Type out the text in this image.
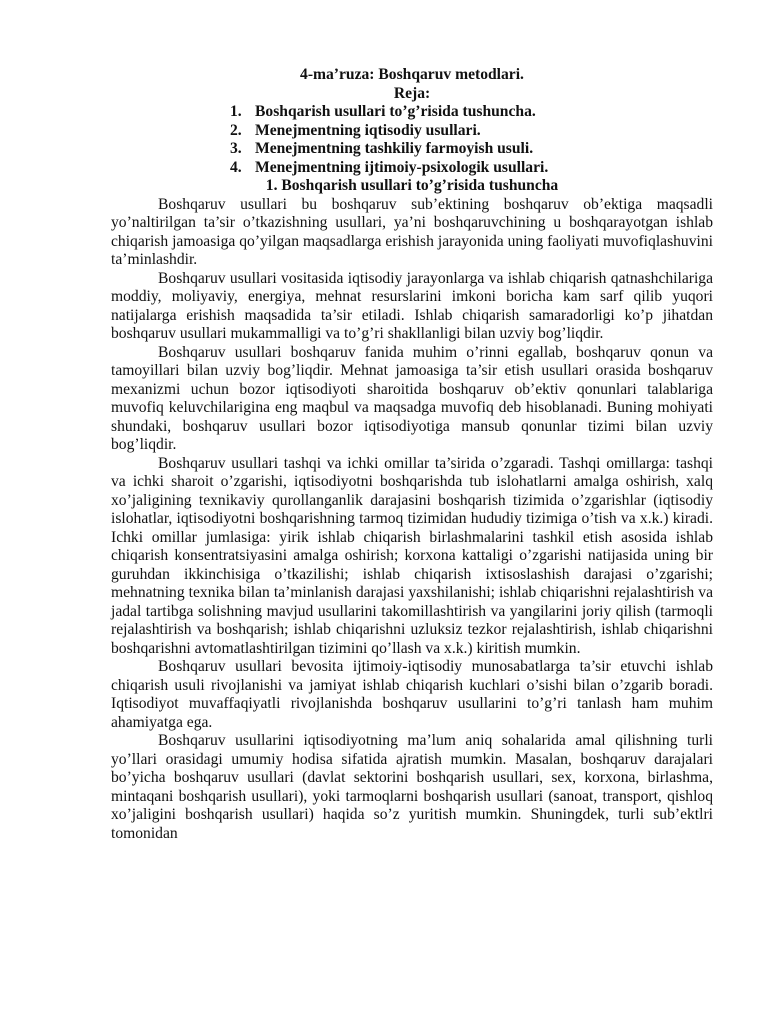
4-ma’ruza: Boshqaruv metodlari.

Reja:

1. Boshqarish usullari to’g’risida tushuncha.
2. Menejmentning iqtisodiy usullari.
3. Menejmentning tashkiliy farmoyish usuli.
4. Menejmentning ijtimoiy-psixologik usullari.

1. Boshqarish usullari to’g’risida tushuncha

Boshqaruv usullari bu boshqaruv sub’ektining boshqaruv ob’ektiga maqsadli yo’naltirilgan ta’sir o’tkazishning usullari, ya’ni boshqaruvchining u boshqarayotgan ishlab chiqarish jamoasiga qo’yilgan maqsadlarga erishish jarayonida uning faoliyati muvofiqlashuvini ta’minlashdir.

Boshqaruv usullari vositasida iqtisodiy jarayonlarga va ishlab chiqarish qatnashchilariga moddiy, moliyaviy, energiya, mehnat resurslarini imkoni boricha kam sarf qilib yuqori natijalarga erishish maqsadida ta’sir etiladi. Ishlab chiqarish samaradorligi ko’p jihatdan boshqaruv usullari mukammalligi va to’g’ri shakllanligi bilan uzviy bog’liqdir.

Boshqaruv usullari boshqaruv fanida muhim o’rinni egallab, boshqaruv qonun va tamoyillari bilan uzviy bog’liqdir. Mehnat jamoasiga ta’sir etish usullari orasida boshqaruv mexanizmi uchun bozor iqtisodiyoti sharoitida boshqaruv ob’ektiv qonunlari talablariga muvofiq keluvchilarigina eng maqbul va maqsadga muvofiq deb hisoblanadi. Buning mohiyati shundaki, boshqaruv usullari bozor iqtisodiyotiga mansub qonunlar tizimi bilan uzviy bog’liqdir.

Boshqaruv usullari tashqi va ichki omillar ta’sirida o’zgaradi. Tashqi omillarga: tashqi va ichki sharoit o’zgarishi, iqtisodiyotni boshqarishda tub islohatlarni amalga oshirish, xalq xo’jaligining texnikaviy qurollanganlik darajasini boshqarish tizimida o’zgarishlar (iqtisodiy islohatlar, iqtisodiyotni boshqarishning tarmoq tizimidan hududiy tizimiga o’tish va x.k.) kiradi. Ichki omillar jumlasiga: yirik ishlab chiqarish birlashmalarini tashkil etish asosida ishlab chiqarish konsentratsiyasini amalga oshirish; korxona kattaligi o’zgarishi natijasida uning bir guruhdan ikkinchisiga o’tkazilishi; ishlab chiqarish ixtisoslashish darajasi o’zgarishi; mehnatning texnika bilan ta’minlanish darajasi yaxshilanishi; ishlab chiqarishni rejalashtirish va jadal tartibga solishning mavjud usullarini takomillashtirish va yangilarini joriy qilish (tarmoqli rejalashtirish va boshqarish; ishlab chiqarishni uzluksiz tezkor rejalashtirish, ishlab chiqarishni boshqarishni avtomatlashtirilgan tizimini qo’llash va x.k.) kiritish mumkin.

Boshqaruv usullari bevosita ijtimoiy-iqtisodiy munosabatlarga ta’sir etuvchi ishlab chiqarish usuli rivojlanishi va jamiyat ishlab chiqarish kuchlari o’sishi bilan o’zgarib boradi. Iqtisodiyot muvaffaqiyatli rivojlanishda boshqaruv usullarini to’g’ri tanlash ham muhim ahamiyatga ega.

Boshqaruv usullarini iqtisodiyotning ma’lum aniq sohalarida amal qilishning turli yo’llari orasidagi umumiy hodisa sifatida ajratish mumkin. Masalan, boshqaruv darajalari bo’yicha boshqaruv usullari (davlat sektorini boshqarish usullari, sex, korxona, birlashma, mintaqani boshqarish usullari), yoki tarmoqlarni boshqarish usullari (sanoat, transport, qishloq xo’jaligini boshqarish usullari) haqida so’z yuritish mumkin. Shuningdek, turli sub’ektlri tomonidan
